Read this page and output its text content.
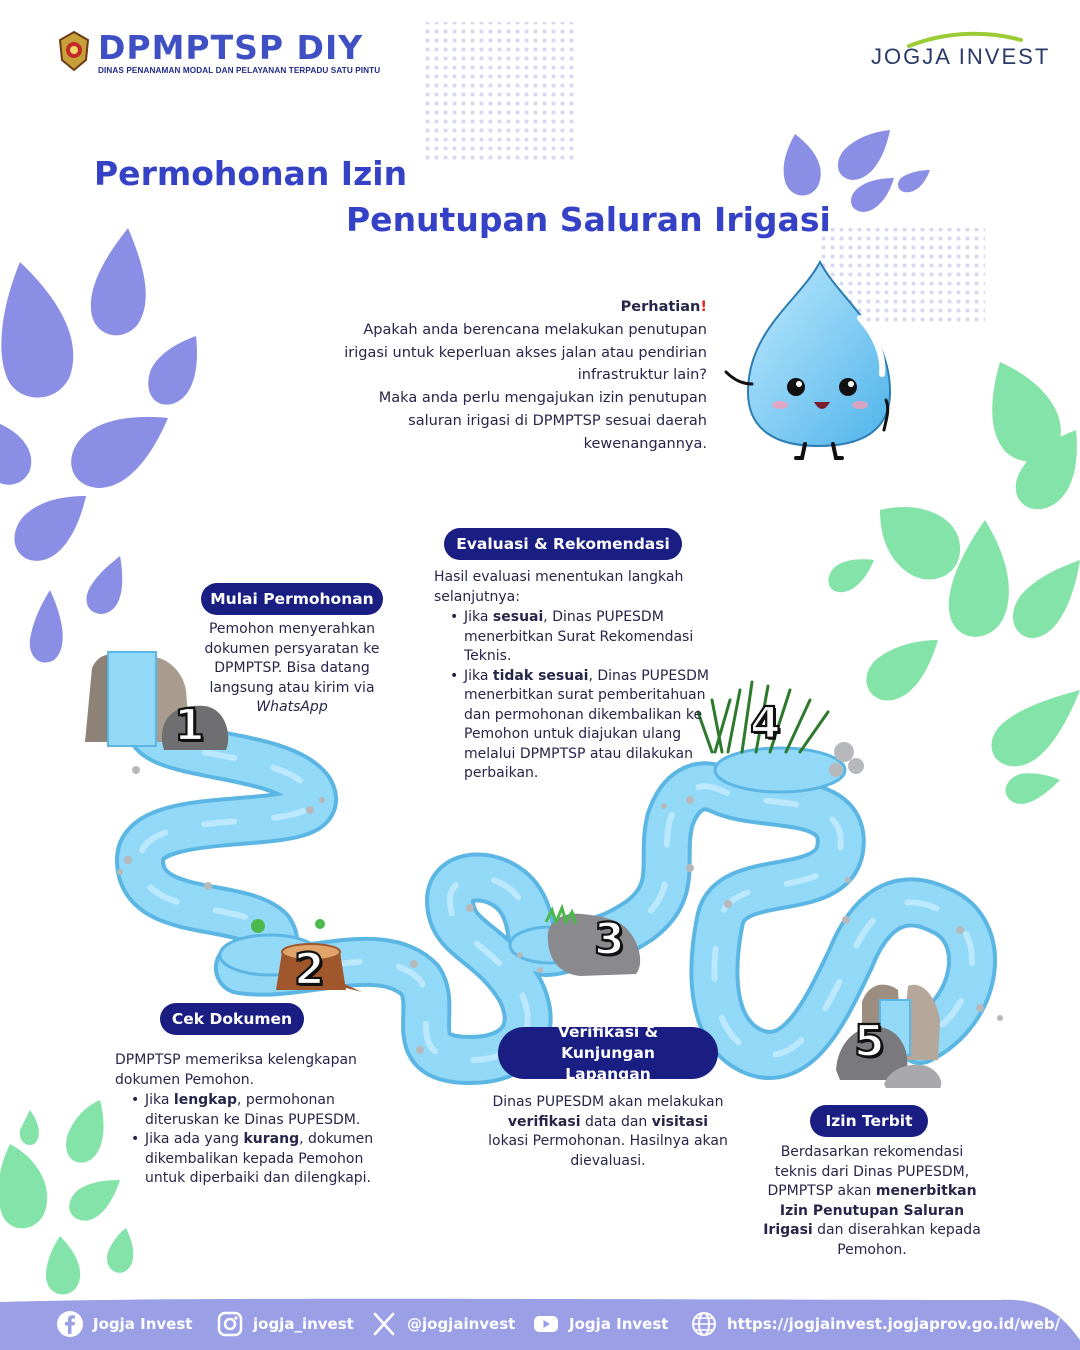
DPMPTSP DIY
DINAS PENANAMAN MODAL DAN PELAYANAN TERPADU SATU PINTU
JOGJA INVEST
Permohonan Izin
Penutupan Saluran Irigasi
Perhatian!
Apakah anda berencana melakukan penutupan irigasi untuk keperluan akses jalan atau pendirian infrastruktur lain?
Maka anda perlu mengajukan izin penutupan saluran irigasi di DPMPTSP sesuai daerah kewenangannya.
Mulai Permohonan
Pemohon menyerahkan dokumen persyaratan ke DPMPTSP. Bisa datang langsung atau kirim via WhatsApp
1
Cek Dokumen
DPMPTSP memeriksa kelengkapan dokumen Pemohon.
• Jika lengkap, permohonan diteruskan ke Dinas PUPESDM.
• Jika ada yang kurang, dokumen dikembalikan kepada Pemohon untuk diperbaiki dan dilengkapi.
2
Verifikasi & Kunjungan Lapangan
Dinas PUPESDM akan melakukan verifikasi data dan visitasi lokasi Permohonan. Hasilnya akan dievaluasi.
3
Evaluasi & Rekomendasi
Hasil evaluasi menentukan langkah selanjutnya:
• Jika sesuai, Dinas PUPESDM menerbitkan Surat Rekomendasi Teknis.
• Jika tidak sesuai, Dinas PUPESDM menerbitkan surat pemberitahuan dan permohonan dikembalikan ke Pemohon untuk diajukan ulang melalui DPMPTSP atau dilakukan perbaikan.
4
Izin Terbit
Berdasarkan rekomendasi teknis dari Dinas PUPESDM, DPMPTSP akan menerbitkan Izin Penutupan Saluran Irigasi dan diserahkan kepada Pemohon.
5
Jogja Invest	jogja_invest	@jogjainvest	Jogja Invest	https://jogjainvest.jogjaprov.go.id/web/
